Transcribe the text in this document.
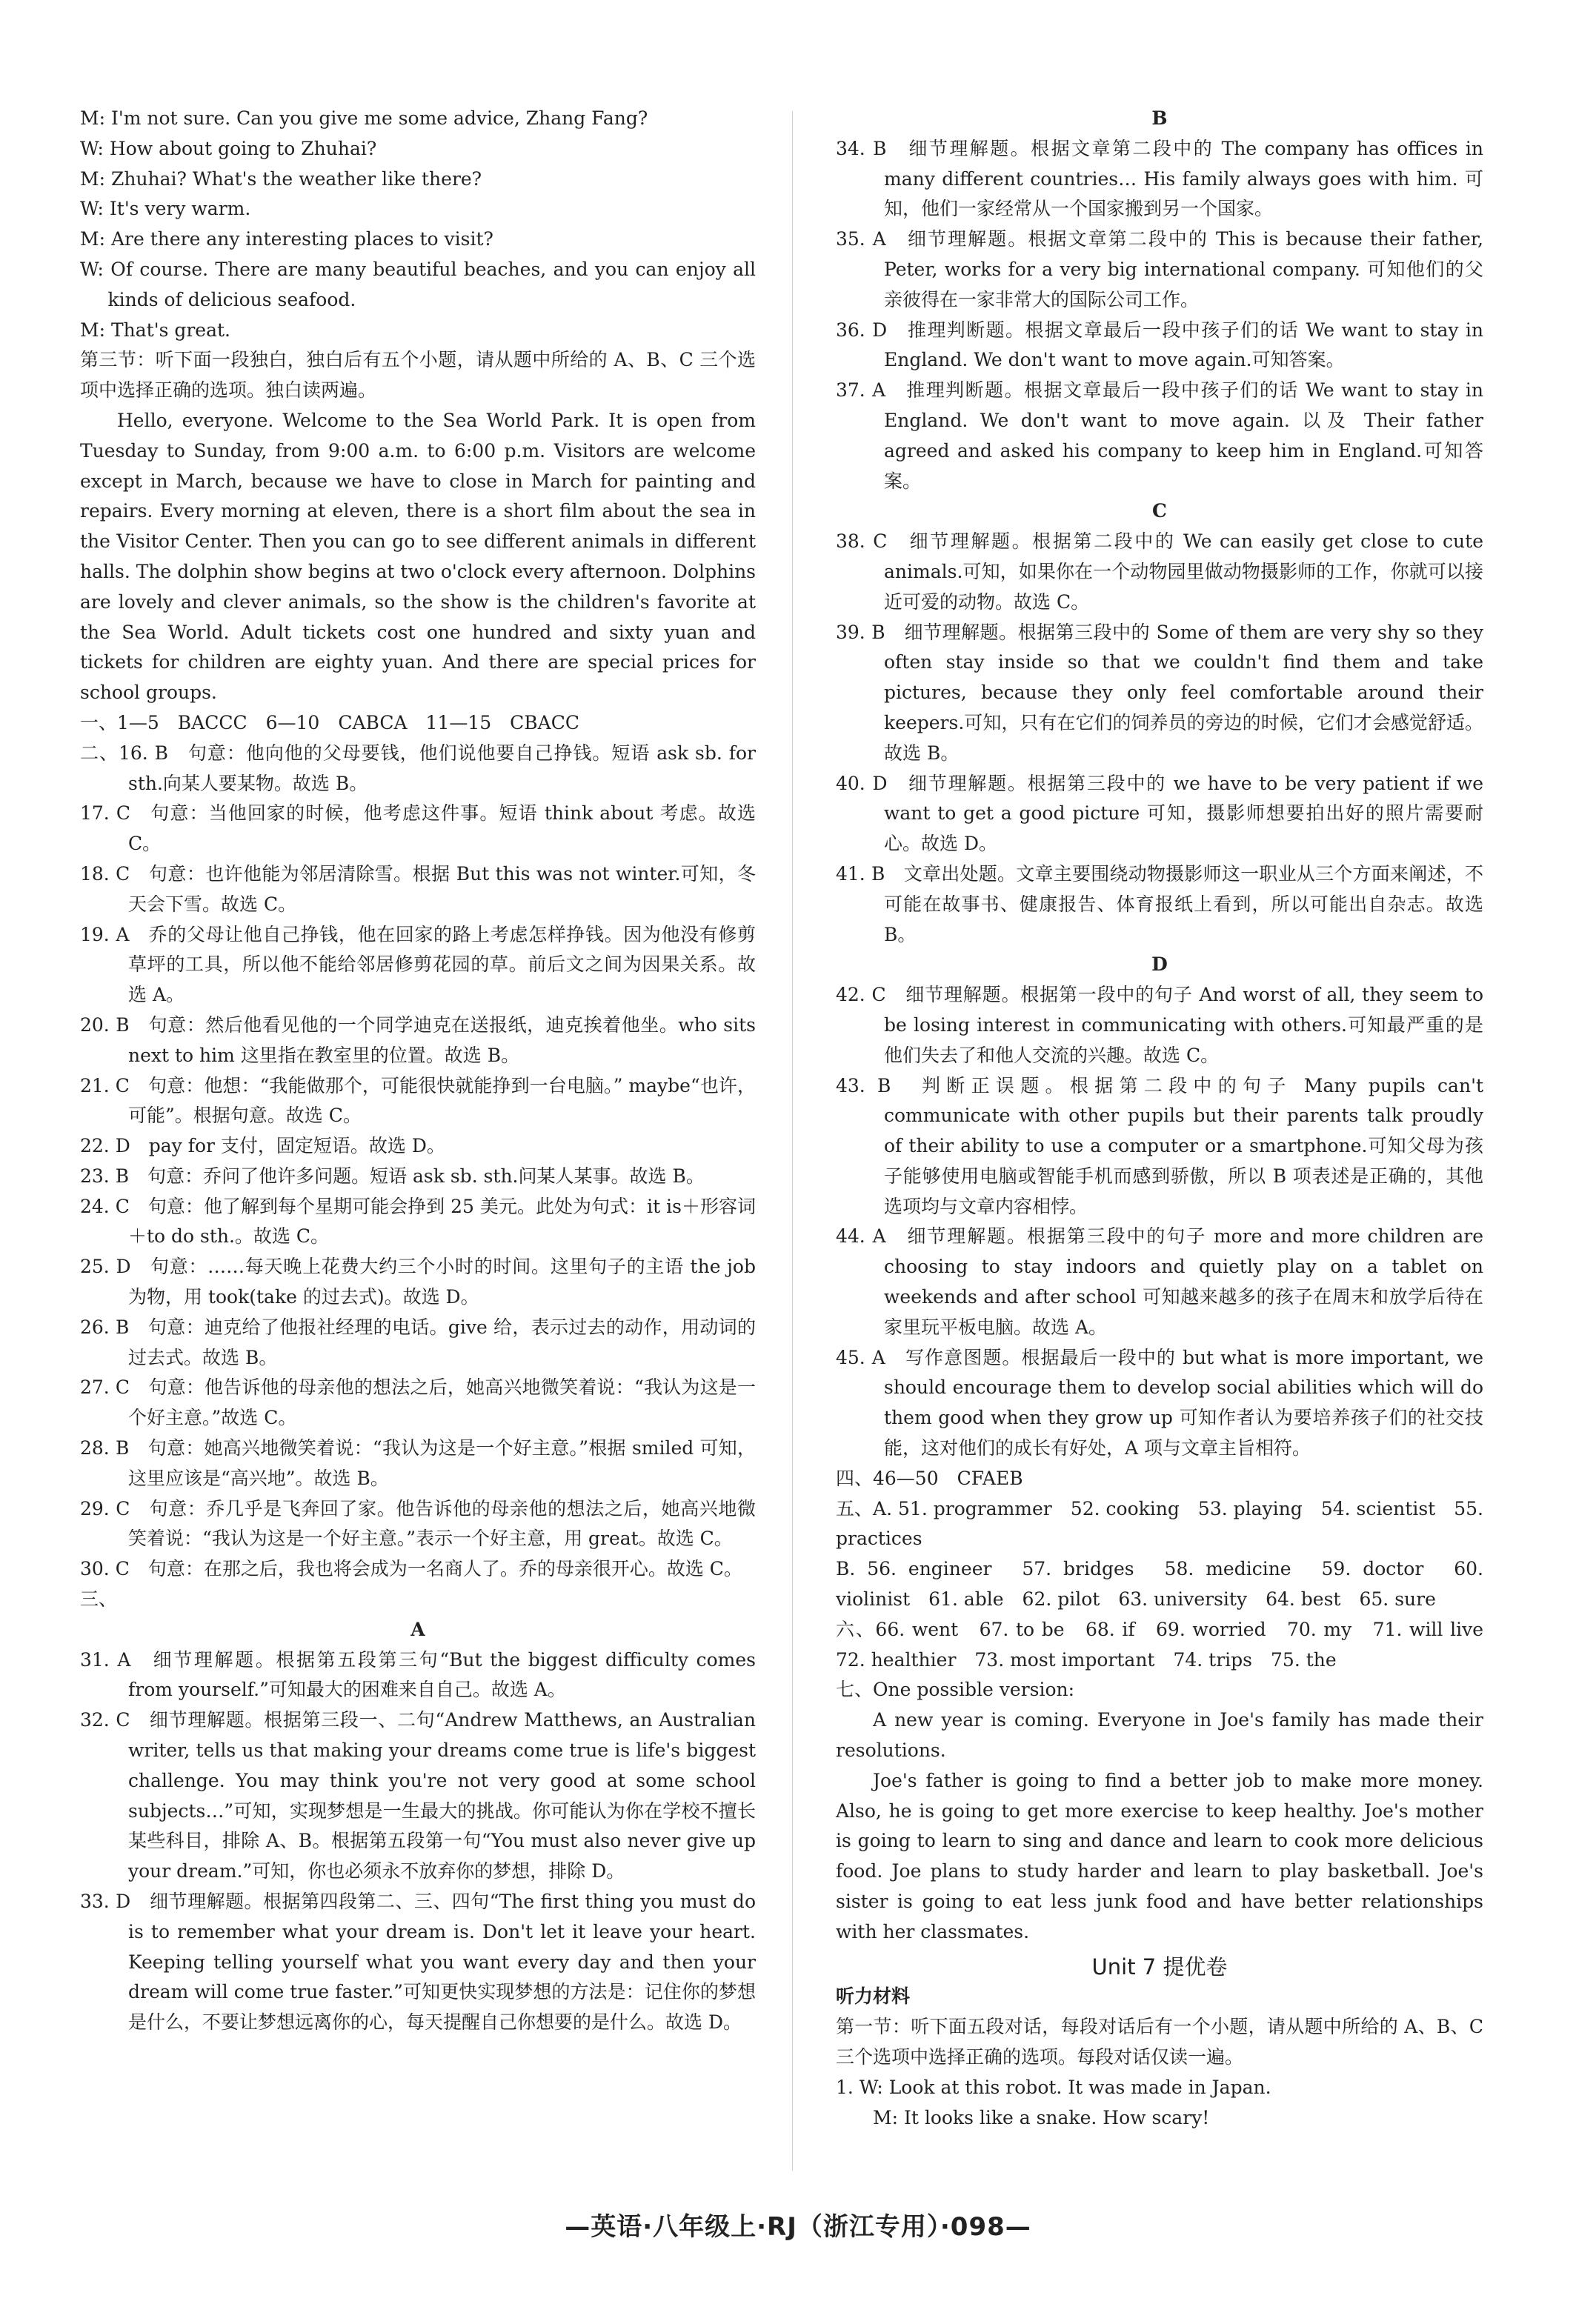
M: I'm not sure. Can you give me some advice, Zhang Fang?

W: How about going to Zhuhai?

M: Zhuhai? What's the weather like there?

W: It's very warm.

M: Are there any interesting places to visit?

W: Of course. There are many beautiful beaches, and you can enjoy all kinds of delicious seafood.

M: That's great.

第三节：听下面一段独白，独白后有五个小题，请从题中所给的 A、B、C 三个选项中选择正确的选项。独白读两遍。

Hello, everyone. Welcome to the Sea World Park. It is open from Tuesday to Sunday, from 9:00 a.m. to 6:00 p.m. Visitors are welcome except in March, because we have to close in March for painting and repairs. Every morning at eleven, there is a short film about the sea in the Visitor Center. Then you can go to see different animals in different halls. The dolphin show begins at two o'clock every afternoon. Dolphins are lovely and clever animals, so the show is the children's favorite at the Sea World. Adult tickets cost one hundred and sixty yuan and tickets for children are eighty yuan. And there are special prices for school groups.

一、1—5　BACCC　6—10　CABCA　11—15　CBACC

二、16. B　句意：他向他的父母要钱，他们说他要自己挣钱。短语 ask sb. for sth.向某人要某物。故选 B。

17. C　句意：当他回家的时候，他考虑这件事。短语 think about 考虑。故选 C。

18. C　句意：也许他能为邻居清除雪。根据 But this was not winter.可知，冬天会下雪。故选 C。

19. A　乔的父母让他自己挣钱，他在回家的路上考虑怎样挣钱。因为他没有修剪草坪的工具，所以他不能给邻居修剪花园的草。前后文之间为因果关系。故选 A。

20. B　句意：然后他看见他的一个同学迪克在送报纸，迪克挨着他坐。who sits next to him 这里指在教室里的位置。故选 B。

21. C　句意：他想：“我能做那个，可能很快就能挣到一台电脑。” maybe“也许，可能”。根据句意。故选 C。

22. D　pay for 支付，固定短语。故选 D。

23. B　句意：乔问了他许多问题。短语 ask sb. sth.问某人某事。故选 B。

24. C　句意：他了解到每个星期可能会挣到 25 美元。此处为句式：it is＋形容词＋to do sth.。故选 C。

25. D　句意：……每天晚上花费大约三个小时的时间。这里句子的主语 the job 为物，用 took(take 的过去式)。故选 D。

26. B　句意：迪克给了他报社经理的电话。give 给，表示过去的动作，用动词的过去式。故选 B。

27. C　句意：他告诉他的母亲他的想法之后，她高兴地微笑着说：“我认为这是一个好主意。”故选 C。

28. B　句意：她高兴地微笑着说：“我认为这是一个好主意。”根据 smiled 可知，这里应该是“高兴地”。故选 B。

29. C　句意：乔几乎是飞奔回了家。他告诉他的母亲他的想法之后，她高兴地微笑着说：“我认为这是一个好主意。”表示一个好主意，用 great。故选 C。

30. C　句意：在那之后，我也将会成为一名商人了。乔的母亲很开心。故选 C。

三、

A

31. A　细节理解题。根据第五段第三句“But the biggest difficulty comes from yourself.”可知最大的困难来自自己。故选 A。

32. C　细节理解题。根据第三段一、二句“Andrew Matthews, an Australian writer, tells us that making your dreams come true is life's biggest challenge. You may think you're not very good at some school subjects…”可知，实现梦想是一生最大的挑战。你可能认为你在学校不擅长某些科目，排除 A、B。根据第五段第一句“You must also never give up your dream.”可知，你也必须永不放弃你的梦想，排除 D。

33. D　细节理解题。根据第四段第二、三、四句“The first thing you must do is to remember what your dream is. Don't let it leave your heart. Keeping telling yourself what you want every day and then your dream will come true faster.”可知更快实现梦想的方法是：记住你的梦想是什么，不要让梦想远离你的心，每天提醒自己你想要的是什么。故选 D。

B

34. B　细节理解题。根据文章第二段中的 The company has offices in many different countries… His family always goes with him. 可知，他们一家经常从一个国家搬到另一个国家。

35. A　细节理解题。根据文章第二段中的 This is because their father, Peter, works for a very big international company. 可知他们的父亲彼得在一家非常大的国际公司工作。

36. D　推理判断题。根据文章最后一段中孩子们的话 We want to stay in England. We don't want to move again.可知答案。

37. A　推理判断题。根据文章最后一段中孩子们的话 We want to stay in England. We don't want to move again. 以及 Their father agreed and asked his company to keep him in England.可知答案。

C

38. C　细节理解题。根据第二段中的 We can easily get close to cute animals.可知，如果你在一个动物园里做动物摄影师的工作，你就可以接近可爱的动物。故选 C。

39. B　细节理解题。根据第三段中的 Some of them are very shy so they often stay inside so that we couldn't find them and take pictures, because they only feel comfortable around their keepers.可知，只有在它们的饲养员的旁边的时候，它们才会感觉舒适。故选 B。

40. D　细节理解题。根据第三段中的 we have to be very patient if we want to get a good picture 可知，摄影师想要拍出好的照片需要耐心。故选 D。

41. B　文章出处题。文章主要围绕动物摄影师这一职业从三个方面来阐述，不可能在故事书、健康报告、体育报纸上看到，所以可能出自杂志。故选 B。

D

42. C　细节理解题。根据第一段中的句子 And worst of all, they seem to be losing interest in communicating with others.可知最严重的是他们失去了和他人交流的兴趣。故选 C。

43. B　判断正误题。根据第二段中的句子 Many pupils can't communicate with other pupils but their parents talk proudly of their ability to use a computer or a smartphone.可知父母为孩子能够使用电脑或智能手机而感到骄傲，所以 B 项表述是正确的，其他选项均与文章内容相悖。

44. A　细节理解题。根据第三段中的句子 more and more children are choosing to stay indoors and quietly play on a tablet on weekends and after school 可知越来越多的孩子在周末和放学后待在家里玩平板电脑。故选 A。

45. A　写作意图题。根据最后一段中的 but what is more important, we should encourage them to develop social abilities which will do them good when they grow up 可知作者认为要培养孩子们的社交技能，这对他们的成长有好处，A 项与文章主旨相符。

四、46—50　CFAEB

五、A. 51. programmer　52. cooking　53. playing　54. scientist　55. practices

B. 56. engineer　57. bridges　58. medicine　59. doctor　60. violinist　61. able　62. pilot　63. university　64. best　65. sure

六、66. went　67. to be　68. if　69. worried　70. my　71. will live　72. healthier　73. most important　74. trips　75. the

七、One possible version:

A new year is coming. Everyone in Joe's family has made their resolutions.

Joe's father is going to find a better job to make more money. Also, he is going to get more exercise to keep healthy. Joe's mother is going to learn to sing and dance and learn to cook more delicious food. Joe plans to study harder and learn to play basketball. Joe's sister is going to eat less junk food and have better relationships with her classmates.

Unit 7 提优卷

听力材料

第一节：听下面五段对话，每段对话后有一个小题，请从题中所给的 A、B、C 三个选项中选择正确的选项。每段对话仅读一遍。

1. W: Look at this robot. It was made in Japan.

M: It looks like a snake. How scary!

—英语·八年级上·RJ（浙江专用）·098—
